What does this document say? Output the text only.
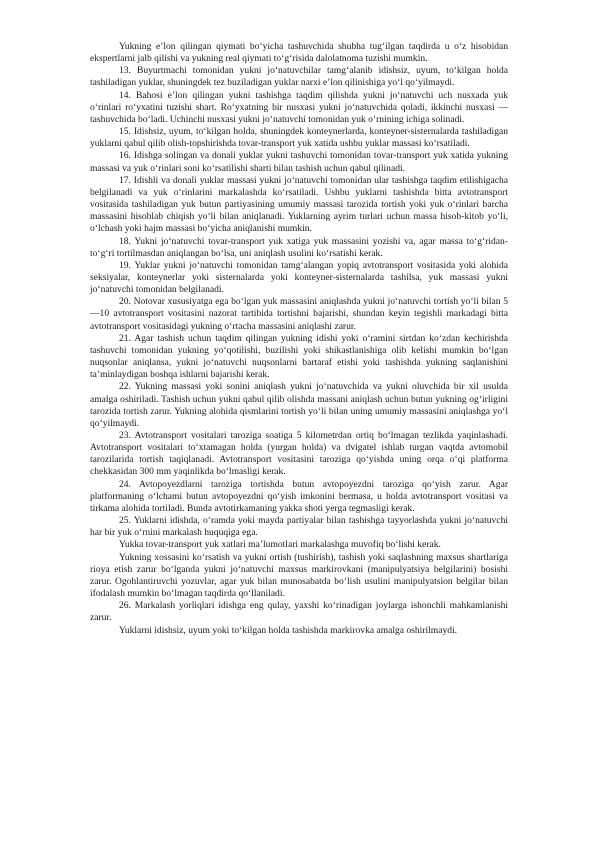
Yukning e’lon qilingan qiymati bo‘yicha tashuvchida shubha tug‘ilgan taqdirda u o‘z hisobidan ekspertlarni jalb qilishi va yukning real qiymati to‘g‘risida dalolatnoma tuzishi mumkin.

13. Buyurtmachi tomonidan yukni jo‘natuvchilar tamg‘alanib idishsiz, uyum, to‘kilgan holda tashiladigan yuklar, shuningdek tez buziladigan yuklar narxi e’lon qilinishiga yo‘l qo‘yilmaydi.

14. Bahosi e’lon qilingan yukni tashishga taqdim qilishda yukni jo‘natuvchi uch nusxada yuk o‘rinlari ro‘yxatini tuzishi shart. Ro‘yxatning bir nusxasi yukni jo‘natuvchida qoladi, ikkinchi nusxasi — tashuvchida bo‘ladi. Uchinchi nusxasi yukni jo‘natuvchi tomonidan yuk o‘rnining ichiga solinadi.

15. Idishsiz, uyum, to‘kilgan holda, shuningdek konteynerlarda, konteyner-sisternalarda tashiladigan yuklarni qabul qilib olish-topshirishda tovar-transport yuk xatida ushbu yuklar massasi ko‘rsatiladi.

16. Idishga solingan va donali yuklar yukni tashuvchi tomonidan tovar-transport yuk xatida yukning massasi va yuk o‘rinlari soni ko‘rsatilishi sharti bilan tashish uchun qabul qilinadi.

17. Idishli va donali yuklar massasi yukni jo‘natuvchi tomonidan ular tashishga taqdim etilishigacha belgilanadi va yuk o‘rinlarini markalashda ko‘rsatiladi. Ushbu yuklarni tashishda bitta avtotransport vositasida tashiladigan yuk butun partiyasining umumiy massasi tarozida tortish yoki yuk o‘rinlari barcha massasini hisoblab chiqish yo‘li bilan aniqlanadi. Yuklarning ayrim turlari uchun massa hisob-kitob yo‘li, o‘lchash yoki hajm massasi bo‘yicha aniqlanishi mumkin.

18. Yukni jo‘natuvchi tovar-transport yuk xatiga yuk massasini yozishi va, agar massa to‘g‘ridan-to‘g‘ri tortilmasdan aniqlangan bo‘lsa, uni aniqlash usulini ko‘rsatishi kerak.

19. Yuklar yukni jo‘natuvchi tomonidan tamg‘alangan yopiq avtotransport vositasida yoki alohida seksiyalar, konteynerlar yoki sisternalarda yoki konteyner-sisternalarda tashilsa, yuk massasi yukni jo‘natuvchi tomonidan belgilanadi.

20. Notovar xususiyatga ega bo‘lgan yuk massasini aniqlashda yukni jo‘natuvchi tortish yo‘li bilan 5—10 avtotransport vositasini nazorat tartibida tortishni bajarishi, shundan keyin tegishli markadagi bitta avtotransport vositasidagi yukning o‘rtacha massasini aniqlashi zarur.

21. Agar tashish uchun taqdim qilingan yukning idishi yoki o‘ramini sirtdan ko‘zdan kechirishda tashuvchi tomonidan yukning yo‘qotilishi, buzilishi yoki shikastlanishiga olib kelishi mumkin bo‘lgan nuqsonlar aniqlansa, yukni jo‘natuvchi nuqsonlarni bartaraf etishi yoki tashishda yukning saqlanishini ta’minlaydigan boshqa ishlarni bajarishi kerak.

22. Yukning massasi yoki sonini aniqlash yukni jo‘natuvchida va yukni oluvchida bir xil usulda amalga oshiriladi. Tashish uchun yukni qabul qilib olishda massani aniqlash uchun butun yukning og‘irligini tarozida tortish zarur. Yukning alohida qismlarini tortish yo‘li bilan uning umumiy massasini aniqlashga yo‘l qo‘yilmaydi.

23. Avtotransport vositalari taroziga soatiga 5 kilometrdan ortiq bo‘lmagan tezlikda yaqinlashadi. Avtotransport vositalari to‘xtamagan holda (yurgan holda) va dvigatel ishlab turgan vaqtda avtomobil tarozilarida tortish taqiqlanadi. Avtotransport vositasini taroziga qo‘yishda uning orqa o‘qi platforma chekkasidan 300 mm yaqinlikda bo‘lmasligi kerak.

24. Avtopoyezdlarni taroziga tortishda butun avtopoyezdni taroziga qo‘yish zarur. Agar platformaning o‘lchami butun avtopoyezdni qo‘yish imkonini bermasa, u holda avtotransport vositasi va tirkama alohida tortiladi. Bunda avtotirkamaning yakka shoti yerga tegmasligi kerak.

25. Yuklarni idishda, o‘ramda yoki mayda partiyalar bilan tashishga tayyorlashda yukni jo‘natuvchi har bir yuk o‘rnini markalash huquqiga ega.

Yukka tovar-transport yuk xatlari ma’lumotlari markalashga muvofiq bo‘lishi kerak.

Yukning xossasini ko‘rsatish va yukni ortish (tushirish), tashish yoki saqlashning maxsus shartlariga rioya etish zarur bo‘lganda yukni jo‘natuvchi maxsus markirovkani (manipulyatsiya belgilarini) bosishi zarur. Ogohlantiruvchi yozuvlar, agar yuk bilan munosabatda bo‘lish usulini manipulyatsion belgilar bilan ifodalash mumkin bo‘lmagan taqdirda qo‘llaniladi.

26. Markalash yorliqlari idishga eng qulay, yaxshi ko‘rinadigan joylarga ishonchli mahkamlanishi zarur.

Yuklarni idishsiz, uyum yoki to‘kilgan holda tashishda markirovka amalga oshirilmaydi.
